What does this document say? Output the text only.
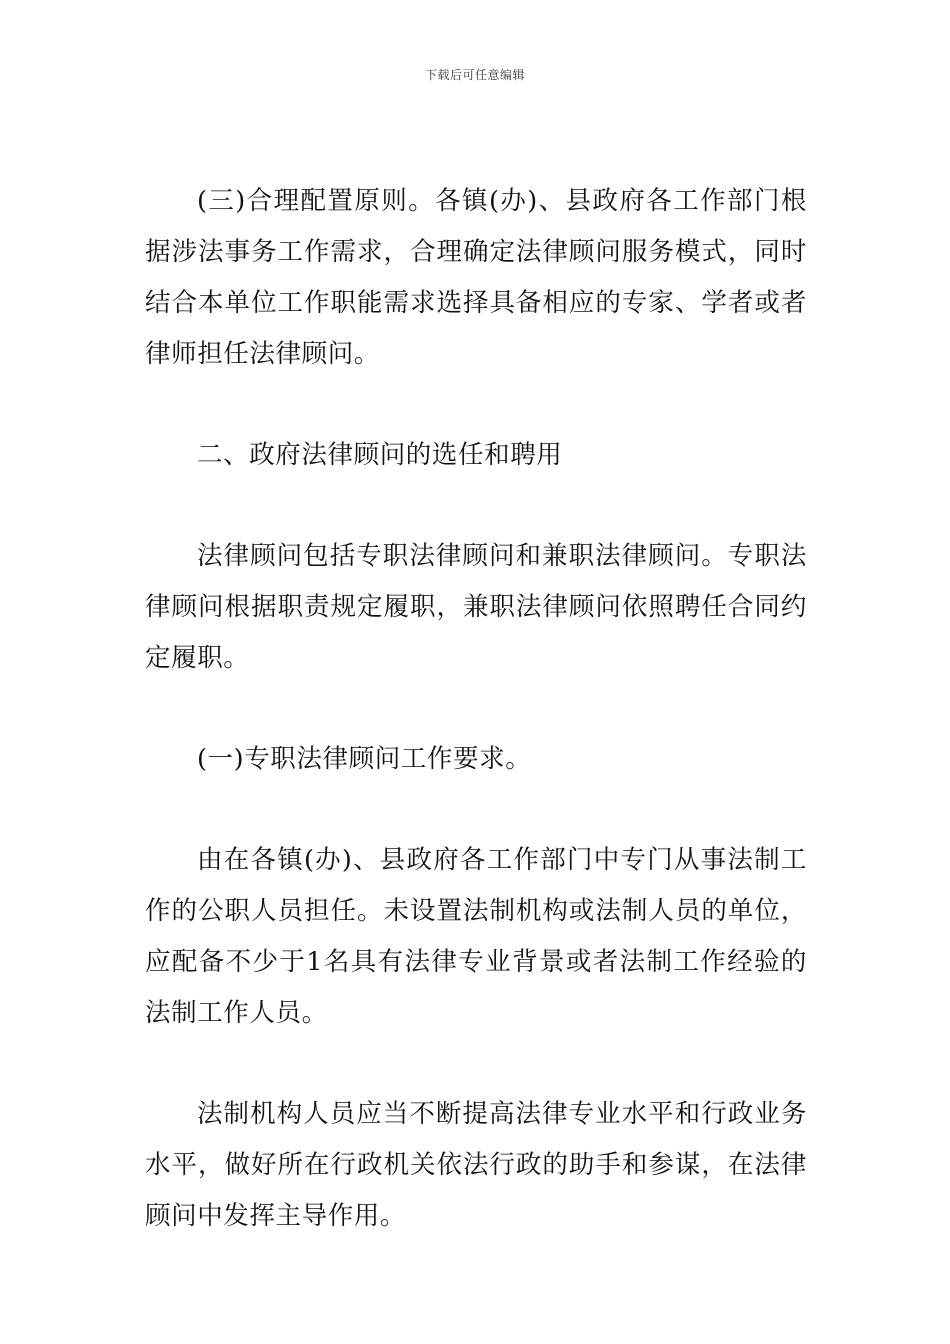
下载后可任意编辑

(三)合理配置原则。各镇(办)、县政府各工作部门根据涉法事务工作需求，合理确定法律顾问服务模式，同时结合本单位工作职能需求选择具备相应的专家、学者或者律师担任法律顾问。

二、政府法律顾问的选任和聘用

法律顾问包括专职法律顾问和兼职法律顾问。专职法律顾问根据职责规定履职，兼职法律顾问依照聘任合同约定履职。

(一)专职法律顾问工作要求。

由在各镇(办)、县政府各工作部门中专门从事法制工作的公职人员担任。未设置法制机构或法制人员的单位，应配备不少于1名具有法律专业背景或者法制工作经验的法制工作人员。

法制机构人员应当不断提高法律专业水平和行政业务水平，做好所在行政机关依法行政的助手和参谋，在法律顾问中发挥主导作用。
